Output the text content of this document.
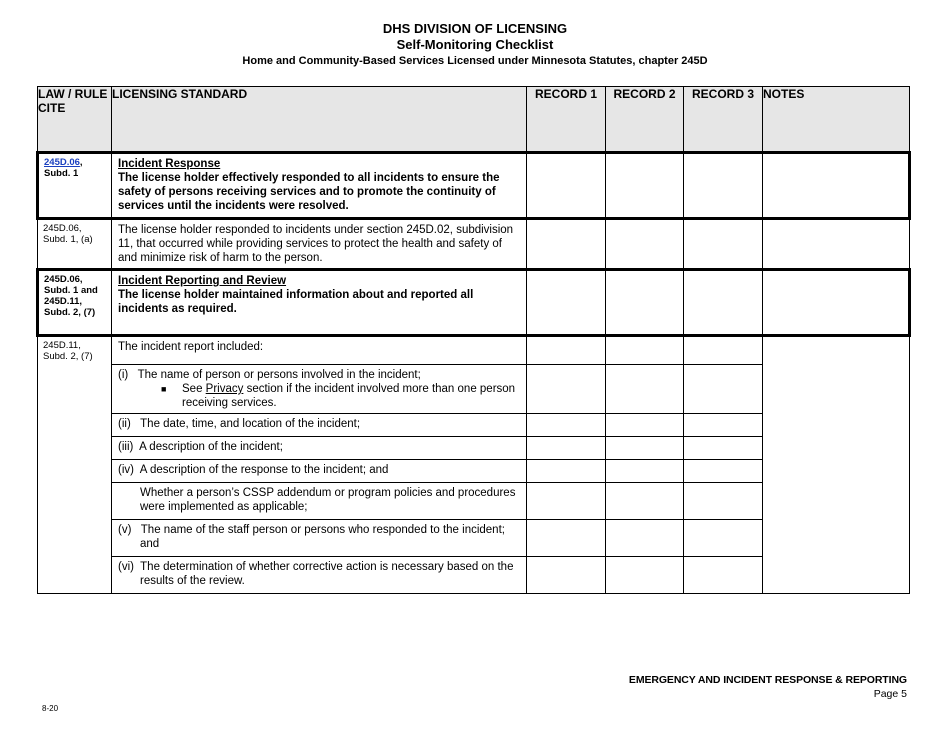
DHS DIVISION OF LICENSING
Self-Monitoring Checklist
Home and Community-Based Services Licensed under Minnesota Statutes, chapter 245D
LAW / RULE CITE	LICENSING STANDARD	RECORD 1	RECORD 2	RECORD 3	NOTES
245D.06, Subd. 1	Incident Response
The license holder effectively responded to all incidents to ensure the safety of persons receiving services and to promote the continuity of services until the incidents were resolved.				

245D.06, Subd. 1, (a)	The license holder responded to incidents under section 245D.02, subdivision 11, that occurred while providing services to protect the health and safety of and minimize risk of harm to the person.				
245D.06, Subd. 1 and 245D.11, Subd. 2, (7)	Incident Reporting and Review
The license holder maintained information about and reported all incidents as required.				

245D.11, Subd. 2, (7)	The incident report included:				

	(i)   The name of person or persons involved in the incident;
■ See Privacy section if the incident involved more than one person receiving services.				

	(ii)   The date, time, and location of the incident;				
	(iii)  A description of the incident;				
	(iv)  A description of the response to the incident; and				

	Whether a person’s CSSP addendum or program policies and procedures were implemented as applicable;				

	(v)   The name of the staff person or persons who responded to the incident; and				

	(vi)  The determination of whether corrective action is necessary based on the results of the review.				

EMERGENCY AND INCIDENT RESPONSE & REPORTING
Page 5
8-20
